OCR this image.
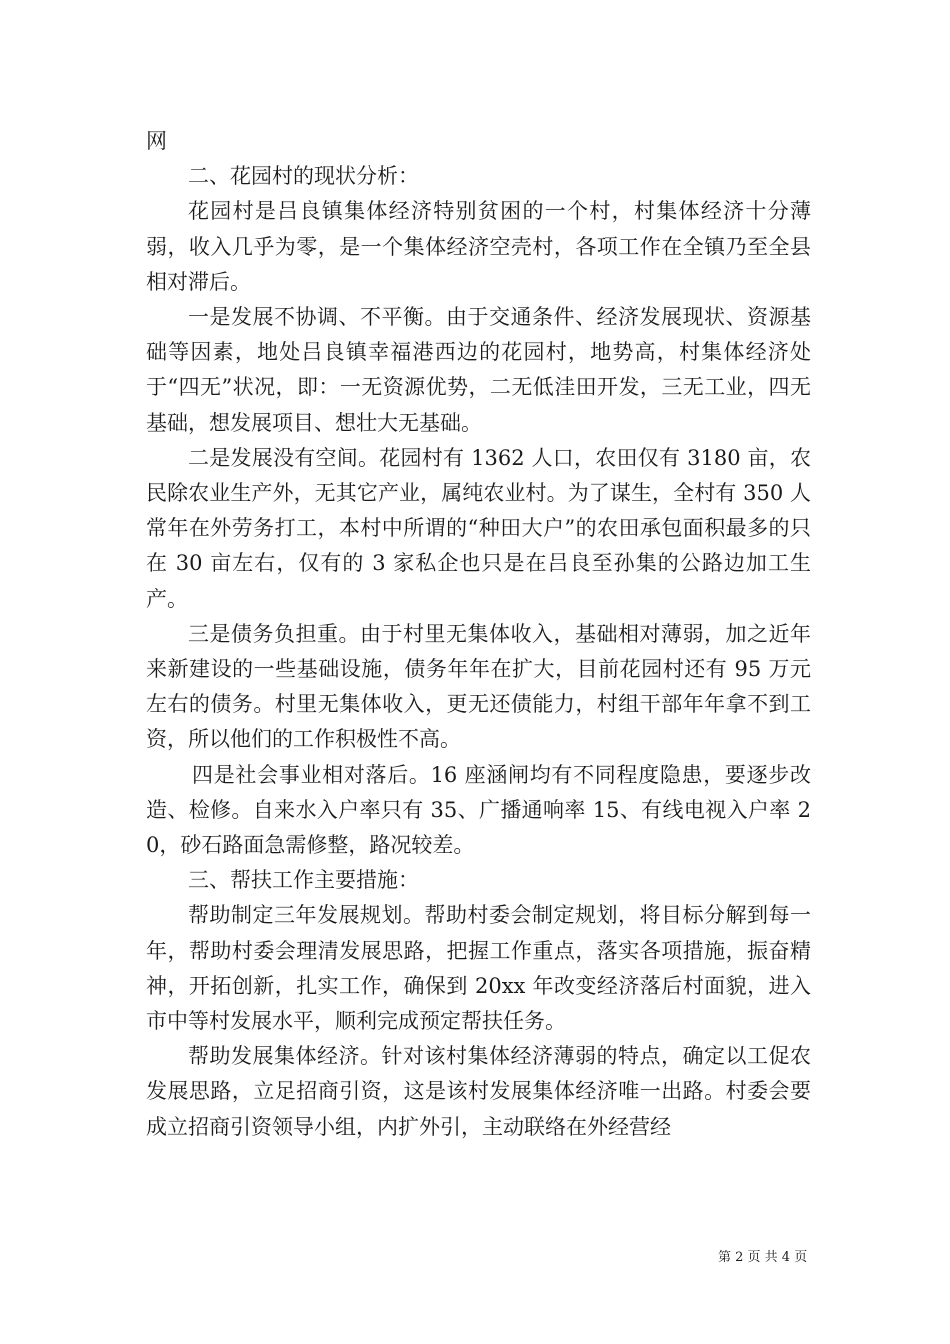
网

二、花园村的现状分析：

花园村是吕良镇集体经济特别贫困的一个村，村集体经济十分薄弱，收入几乎为零，是一个集体经济空壳村，各项工作在全镇乃至全县相对滞后。

一是发展不协调、不平衡。由于交通条件、经济发展现状、资源基础等因素，地处吕良镇幸福港西边的花园村，地势高，村集体经济处于“四无”状况，即：一无资源优势，二无低洼田开发，三无工业，四无基础，想发展项目、想壮大无基础。

二是发展没有空间。花园村有 1362 人口，农田仅有 3180 亩，农民除农业生产外，无其它产业，属纯农业村。为了谋生，全村有 350 人常年在外劳务打工，本村中所谓的“种田大户”的农田承包面积最多的只在 30 亩左右，仅有的 3 家私企也只是在吕良至孙集的公路边加工生产。

三是债务负担重。由于村里无集体收入，基础相对薄弱，加之近年来新建设的一些基础设施，债务年年在扩大，目前花园村还有 95 万元左右的债务。村里无集体收入，更无还债能力，村组干部年年拿不到工资，所以他们的工作积极性不高。

四是社会事业相对落后。16 座涵闸均有不同程度隐患，要逐步改造、检修。自来水入户率只有 35、广播通响率 15、有线电视入户率 20，砂石路面急需修整，路况较差。

三、帮扶工作主要措施：

帮助制定三年发展规划。帮助村委会制定规划，将目标分解到每一年，帮助村委会理清发展思路，把握工作重点，落实各项措施，振奋精神，开拓创新，扎实工作，确保到 20xx 年改变经济落后村面貌，进入市中等村发展水平，顺利完成预定帮扶任务。

帮助发展集体经济。针对该村集体经济薄弱的特点，确定以工促农发展思路，立足招商引资，这是该村发展集体经济唯一出路。村委会要成立招商引资领导小组，内扩外引，主动联络在外经营经

第 2 页 共 4 页
